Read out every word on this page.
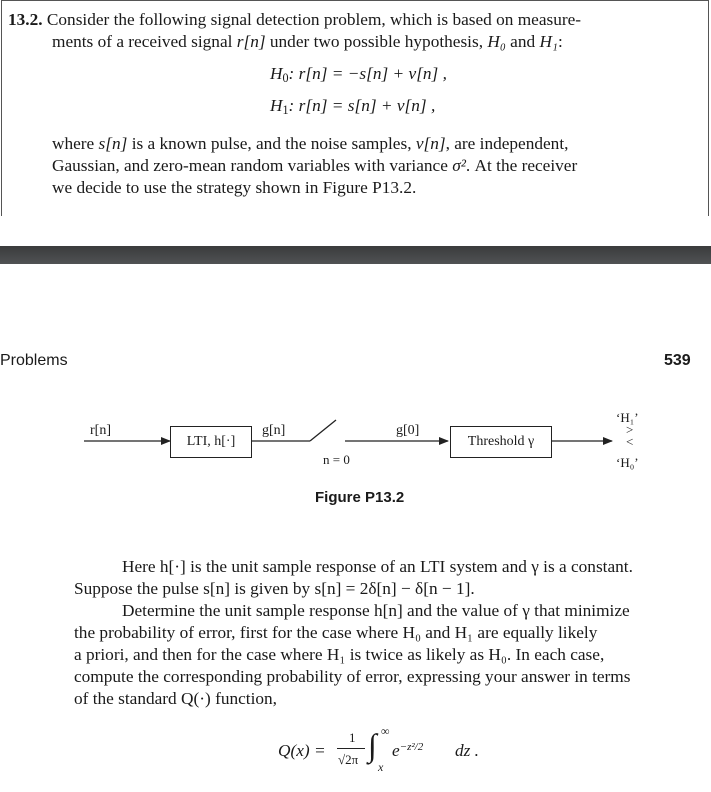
13.2. Consider the following signal detection problem, which is based on measure-
ments of a received signal r[n] under two possible hypothesis, H₀ and H₁:
$H_0$: r[n] = −s[n] + v[n] ,
$H_1$: r[n] = s[n] + v[n] ,
where s[n] is a known pulse, and the noise samples, v[n], are independent,
Gaussian, and zero-mean random variables with variance σ². At the receiver
we decide to use the strategy shown in Figure P13.2.
Problems	539
r[n]
LTI, h[·]
g[n]
n = 0
g[0]
Threshold γ
‘H₁’
>
<
‘H₀’
Figure P13.2
Here h[·] is the unit sample response of an LTI system and γ is a constant.
Suppose the pulse s[n] is given by s[n] = 2δ[n] − δ[n − 1].
Determine the unit sample response h[n] and the value of γ that minimize
the probability of error, first for the case where H₀ and H₁ are equally likely
a priori, and then for the case where H₁ is twice as likely as H₀. In each case,
compute the corresponding probability of error, expressing your answer in terms
of the standard Q(·) function,
Q(x) =
1
√2π ∫ ∞
x
$e^{-z^2/2}$ dz .
